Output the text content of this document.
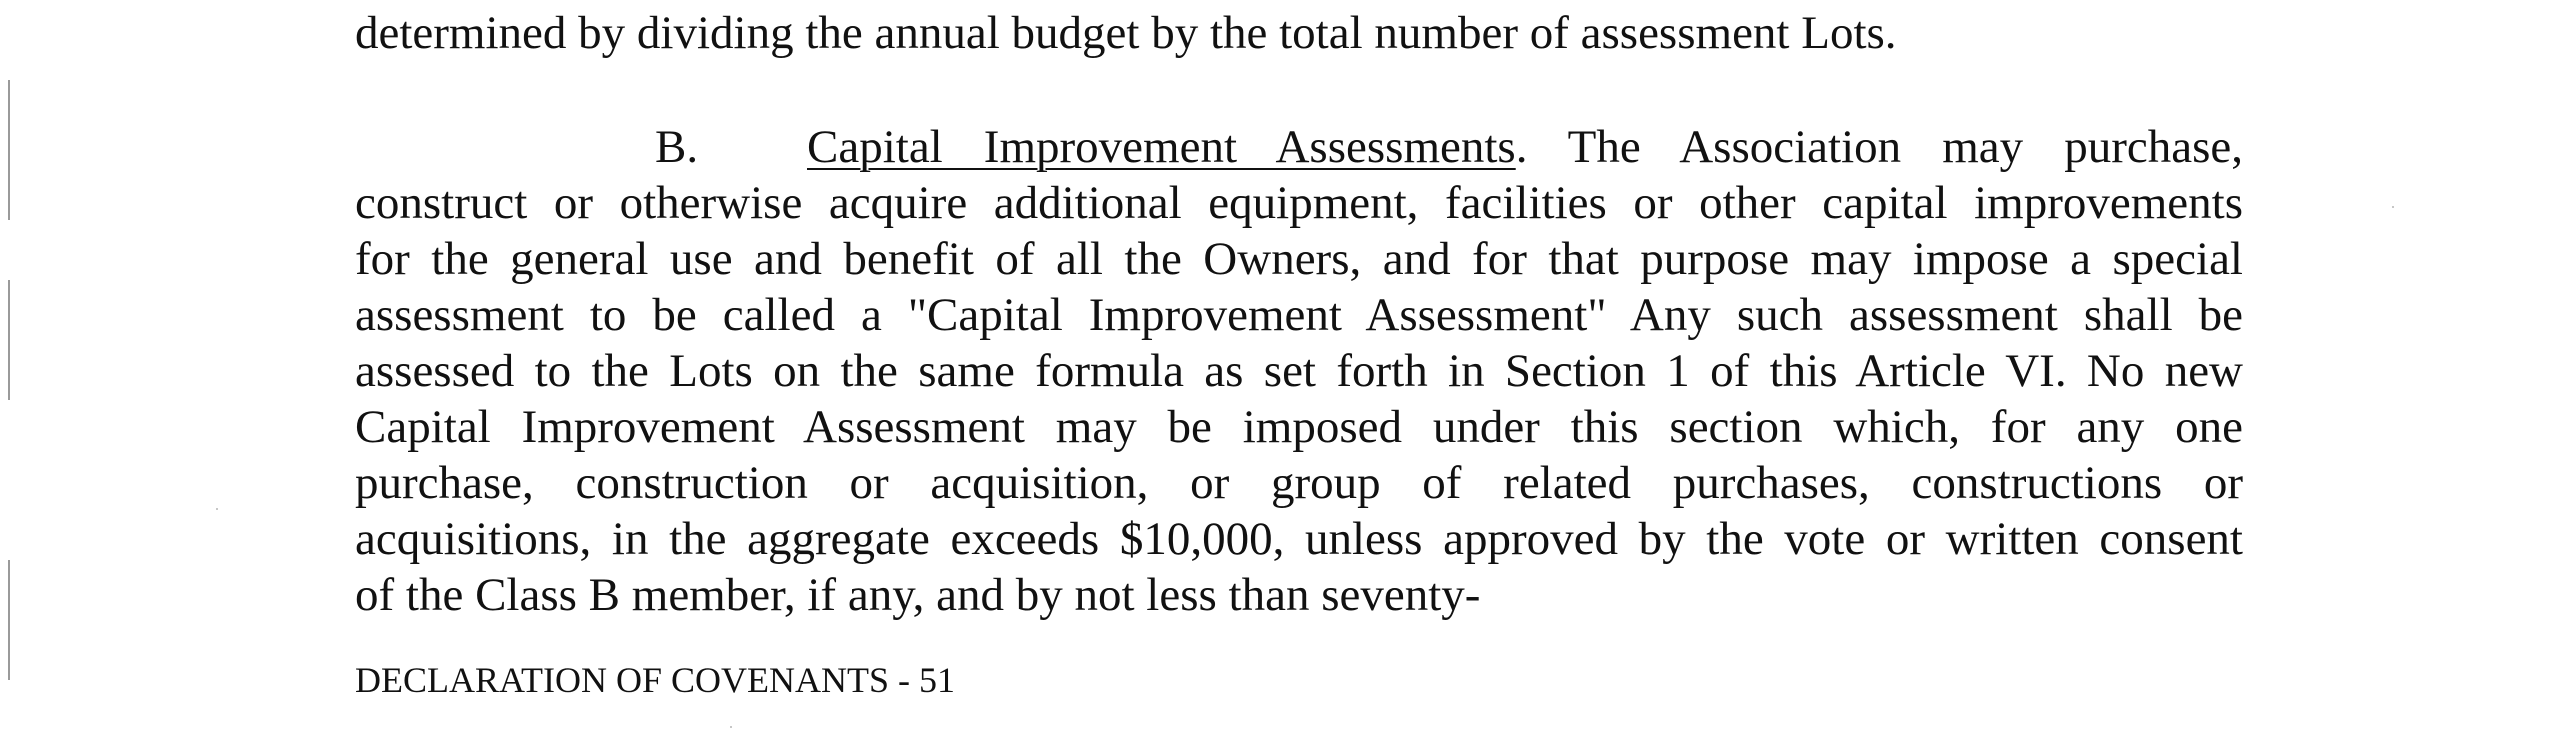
determined by dividing the annual budget by the total number of assessment Lots.
B. Capital Improvement Assessments. The Association may purchase,
construct or otherwise acquire additional equipment, facilities or other capital improvements
for the general use and benefit of all the Owners, and for that purpose may impose a special
assessment to be called a "Capital Improvement Assessment" Any such assessment shall be
assessed to the Lots on the same formula as set forth in Section 1 of this Article VI. No new
Capital Improvement Assessment may be imposed under this section which, for any one
purchase, construction or acquisition, or group of related purchases, constructions or
acquisitions, in the aggregate exceeds $10,000, unless approved by the vote or written consent
of the Class B member, if any, and by not less than seventy-
DECLARATION OF COVENANTS - 51
